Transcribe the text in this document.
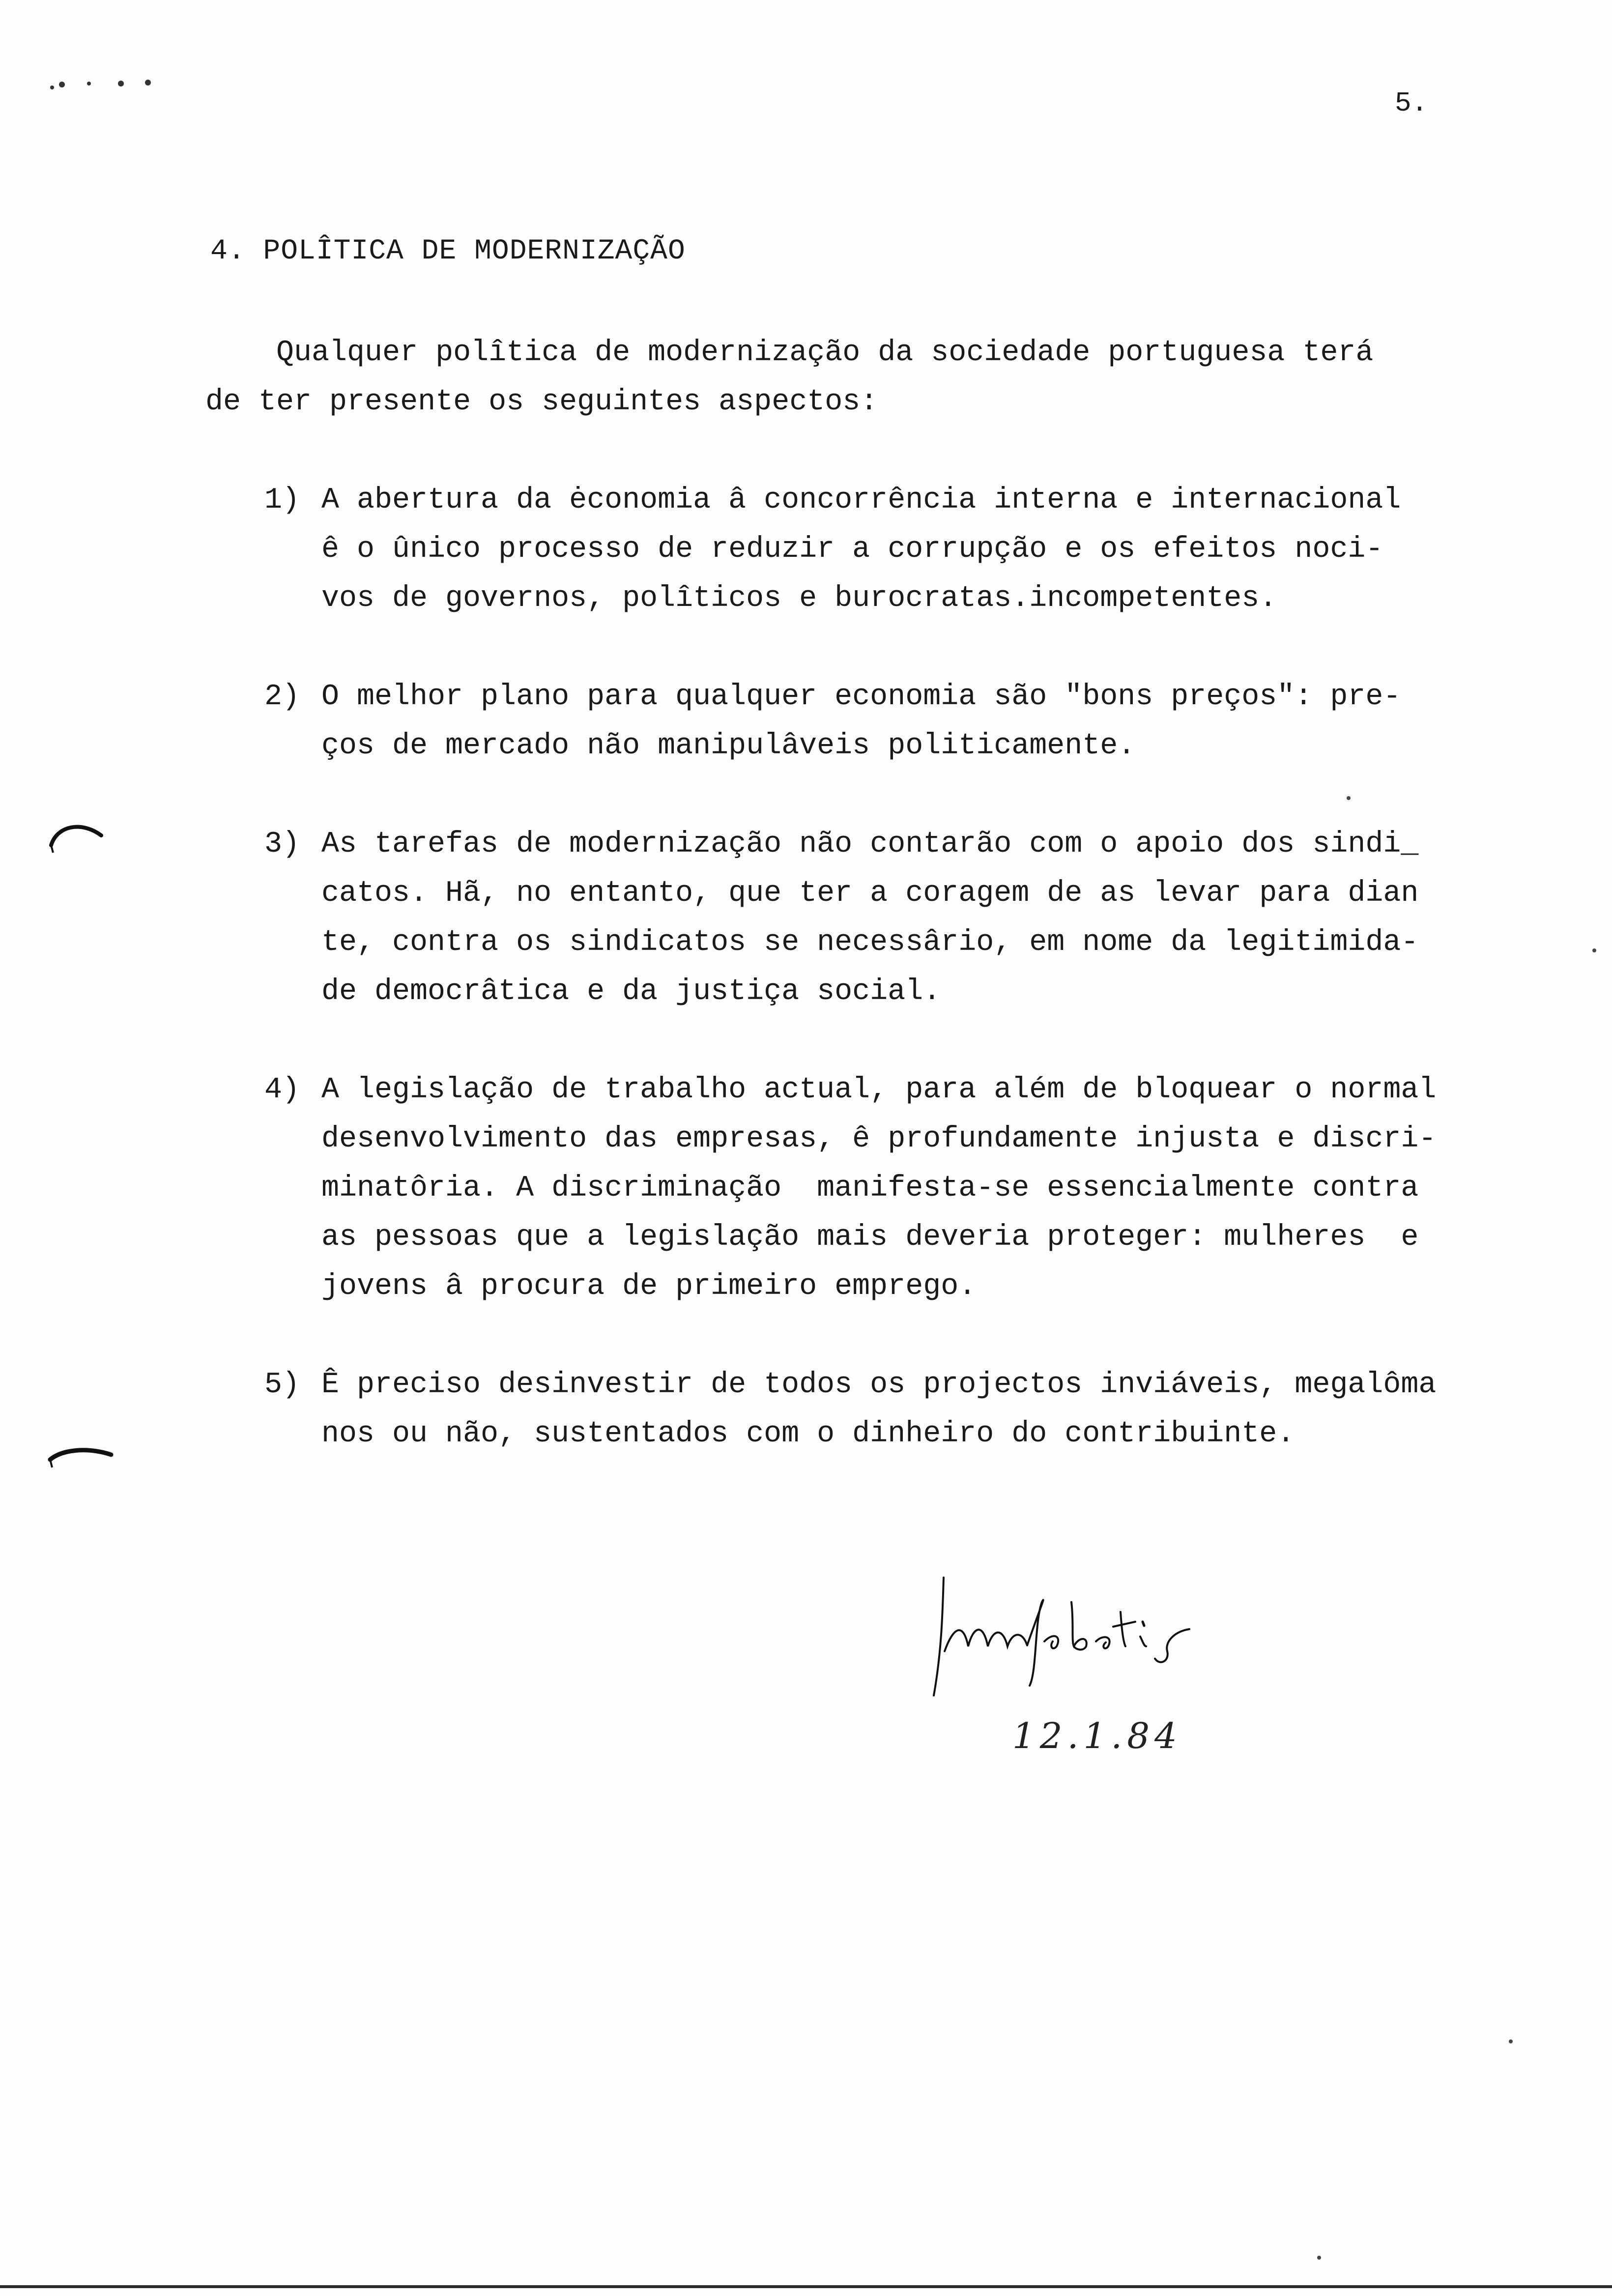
5.
4. POLÎTICA DE MODERNIZAÇÃO
Qualquer polîtica de modernização da sociedade portuguesa terá
de ter presente os seguintes aspectos:
1) A abertura da ėconomia â concorrência interna e internacional
ê o ûnico processo de reduzir a corrupção e os efeitos noci-
vos de governos, polîticos e burocratas.incompetentes.
2) O melhor plano para qualquer economia são "bons preços": pre-
ços de mercado não manipulâveis politicamente.
3) As tarefas de modernização não contarão com o apoio dos sindi_
catos. Hã, no entanto, que ter a coragem de as levar para dian
te, contra os sindicatos se necessârio, em nome da legitimida-
de democrâtica e da justiça social.
4) A legislação de trabalho actual, para além de bloquear o normal
desenvolvimento das empresas, ê profundamente injusta e discri-
minatôria. A discriminação  manifesta-se essencialmente contra
as pessoas que a legislação mais deveria proteger: mulheres  e
jovens â procura de primeiro emprego.
5) Ê preciso desinvestir de todos os projectos inviáveis, megalôma
nos ou não, sustentados com o dinheiro do contribuinte.
12.1.84
